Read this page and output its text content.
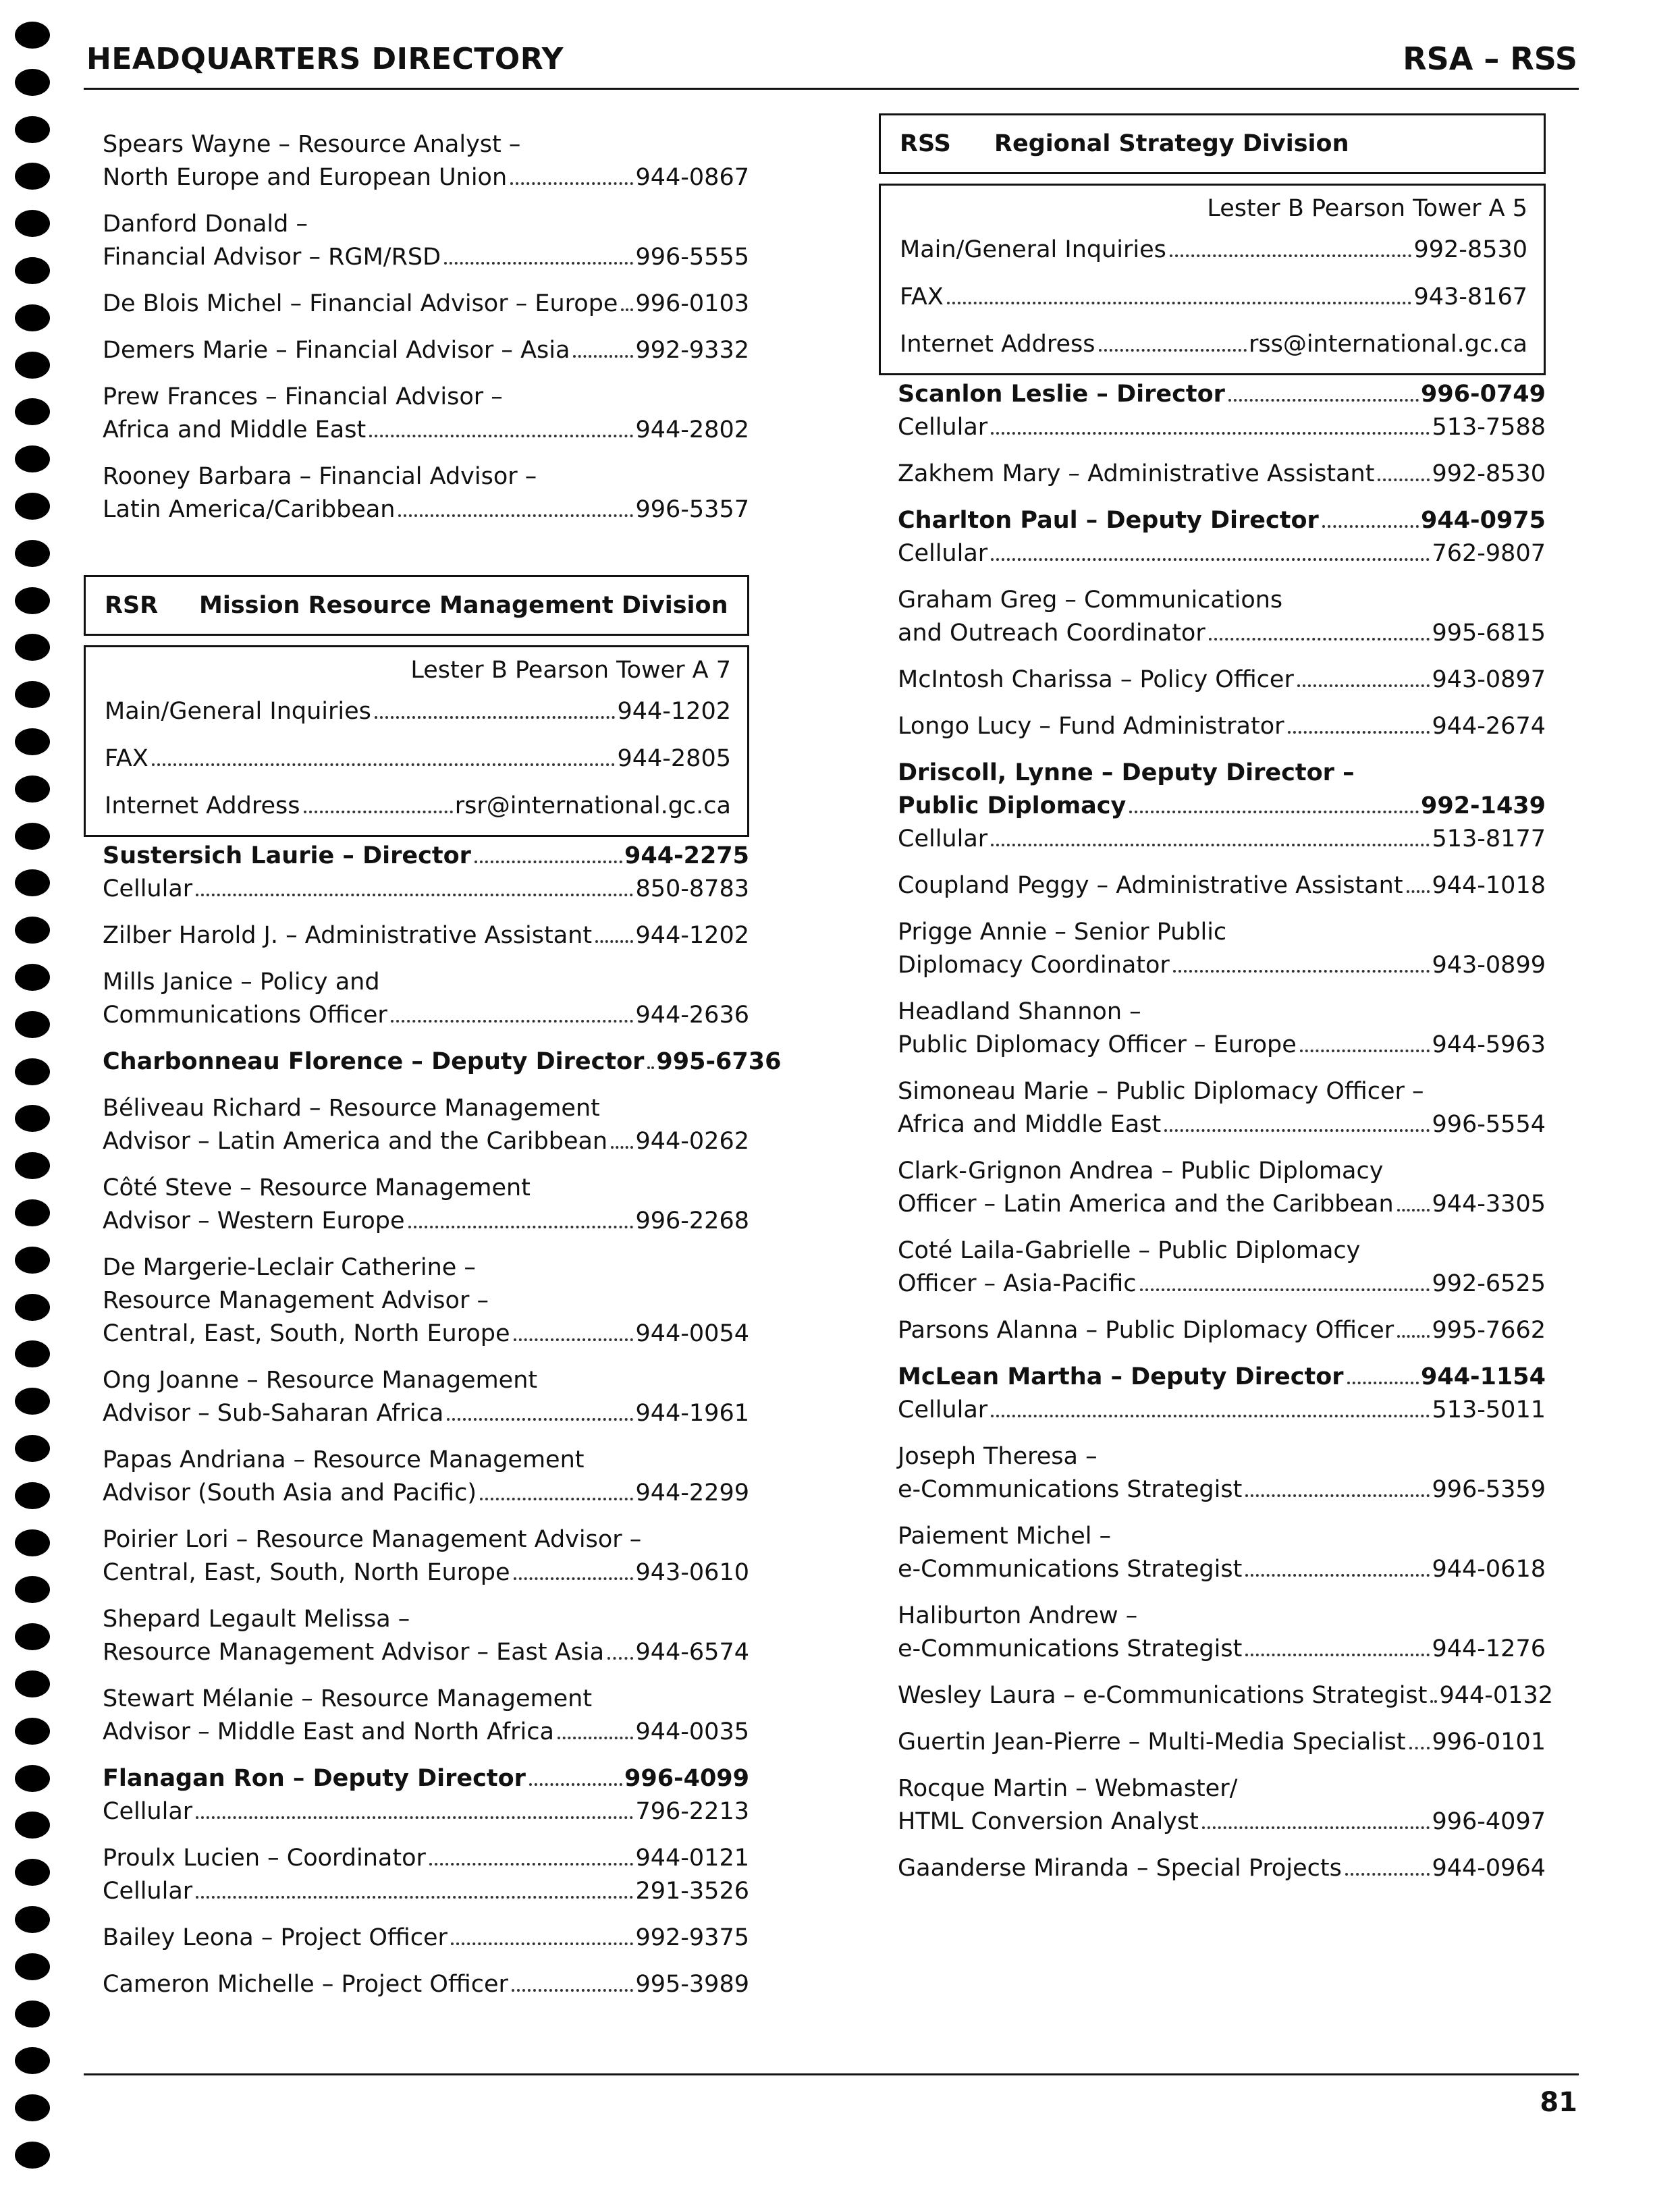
HEADQUARTERS DIRECTORY	RSA – RSS
Spears Wayne – Resource Analyst –
North Europe and European Union	944-0867
Danford Donald –
Financial Advisor – RGM/RSD	996-5555
De Blois Michel – Financial Advisor – Europe 996-0103
Demers Marie – Financial Advisor – Asia	992-9332
Prew Frances – Financial Advisor –
Africa and Middle East	944-2802
Rooney Barbara – Financial Advisor –
Latin America/Caribbean	996-5357
RSR	Mission Resource Management Division
Lester B Pearson Tower A 7
Main/General Inquiries	944-1202
FAX	944-2805
Internet Address	rsr@international.gc.ca
Sustersich Laurie – Director	944-2275
Cellular	850-8783
Zilber Harold J. – Administrative Assistant 944-1202
Mills Janice – Policy and
Communications Officer	944-2636
Charbonneau Florence – Deputy Director 995-6736
Béliveau Richard – Resource Management
Advisor – Latin America and the Caribbean 944-0262
Côté Steve – Resource Management
Advisor – Western Europe	996-2268
De Margerie-Leclair Catherine –
Resource Management Advisor –
Central, East, South, North Europe	944-0054
Ong Joanne – Resource Management
Advisor – Sub-Saharan Africa	944-1961
Papas Andriana – Resource Management
Advisor (South Asia and Pacific)	944-2299
Poirier Lori – Resource Management Advisor –
Central, East, South, North Europe	943-0610
Shepard Legault Melissa –
Resource Management Advisor – East Asia 944-6574
Stewart Mélanie – Resource Management
Advisor – Middle East and North Africa	944-0035
Flanagan Ron – Deputy Director	996-4099
Cellular	796-2213
Proulx Lucien – Coordinator	944-0121
Cellular	291-3526
Bailey Leona – Project Officer	992-9375
Cameron Michelle – Project Officer	995-3989
RSS	Regional Strategy Division
Lester B Pearson Tower A 5
Main/General Inquiries	992-8530
FAX	943-8167
Internet Address	rss@international.gc.ca
Scanlon Leslie – Director	996-0749
Cellular	513-7588
Zakhem Mary – Administrative Assistant 992-8530
Charlton Paul – Deputy Director	944-0975
Cellular	762-9807
Graham Greg – Communications
and Outreach Coordinator	995-6815
McIntosh Charissa – Policy Officer	943-0897
Longo Lucy – Fund Administrator	944-2674
Driscoll, Lynne – Deputy Director –
Public Diplomacy	992-1439
Cellular	513-8177
Coupland Peggy – Administrative Assistant 944-1018
Prigge Annie – Senior Public
Diplomacy Coordinator	943-0899
Headland Shannon –
Public Diplomacy Officer – Europe	944-5963
Simoneau Marie – Public Diplomacy Officer –
Africa and Middle East	996-5554
Clark-Grignon Andrea – Public Diplomacy
Officer – Latin America and the Caribbean 944-3305
Coté Laila-Gabrielle – Public Diplomacy
Officer – Asia-Pacific	992-6525
Parsons Alanna – Public Diplomacy Officer 995-7662
McLean Martha – Deputy Director	944-1154
Cellular	513-5011
Joseph Theresa –
e-Communications Strategist	996-5359
Paiement Michel –
e-Communications Strategist	944-0618
Haliburton Andrew –
e-Communications Strategist	944-1276
Wesley Laura – e-Communications Strategist 944-0132
Guertin Jean-Pierre – Multi-Media Specialist 996-0101
Rocque Martin – Webmaster/
HTML Conversion Analyst	996-4097
Gaanderse Miranda – Special Projects	944-0964
81
